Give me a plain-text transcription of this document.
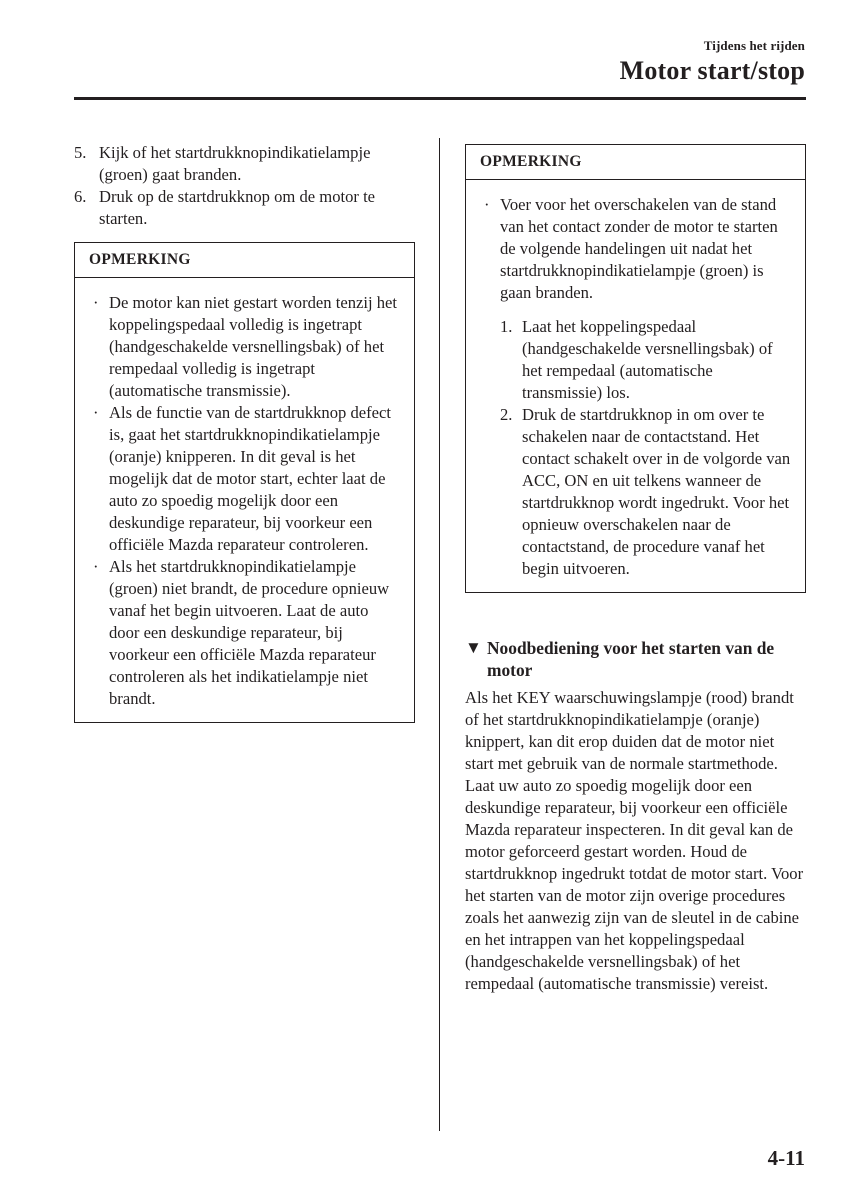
Tijdens het rijden
Motor start/stop
5. Kijk of het startdrukknopindikatielampje (groen) gaat branden.
6. Druk op de startdrukknop om de motor te starten.
OPMERKING
· De motor kan niet gestart worden tenzij het koppelingspedaal volledig is ingetrapt (handgeschakelde versnellingsbak) of het rempedaal volledig is ingetrapt (automatische transmissie).
· Als de functie van de startdrukknop defect is, gaat het startdrukknopindikatielampje (oranje) knipperen. In dit geval is het mogelijk dat de motor start, echter laat de auto zo spoedig mogelijk door een deskundige reparateur, bij voorkeur een officiële Mazda reparateur controleren.
· Als het startdrukknopindikatielampje (groen) niet brandt, de procedure opnieuw vanaf het begin uitvoeren. Laat de auto door een deskundige reparateur, bij voorkeur een officiële Mazda reparateur controleren als het indikatielampje niet brandt.
OPMERKING
· Voer voor het overschakelen van de stand van het contact zonder de motor te starten de volgende handelingen uit nadat het startdrukknopindikatielampje (groen) is gaan branden.
1. Laat het koppelingspedaal (handgeschakelde versnellingsbak) of het rempedaal (automatische transmissie) los.
2. Druk de startdrukknop in om over te schakelen naar de contactstand. Het contact schakelt over in de volgorde van ACC, ON en uit telkens wanneer de startdrukknop wordt ingedrukt. Voor het opnieuw overschakelen naar de contactstand, de procedure vanaf het begin uitvoeren.
▼ Noodbediening voor het starten van de motor
Als het KEY waarschuwingslampje (rood) brandt of het startdrukknopindikatielampje (oranje) knippert, kan dit erop duiden dat de motor niet start met gebruik van de normale startmethode. Laat uw auto zo spoedig mogelijk door een deskundige reparateur, bij voorkeur een officiële Mazda reparateur inspecteren. In dit geval kan de motor geforceerd gestart worden. Houd de startdrukknop ingedrukt totdat de motor start. Voor het starten van de motor zijn overige procedures zoals het aanwezig zijn van de sleutel in de cabine en het intrappen van het koppelingspedaal (handgeschakelde versnellingsbak) of het rempedaal (automatische transmissie) vereist.
4-11
